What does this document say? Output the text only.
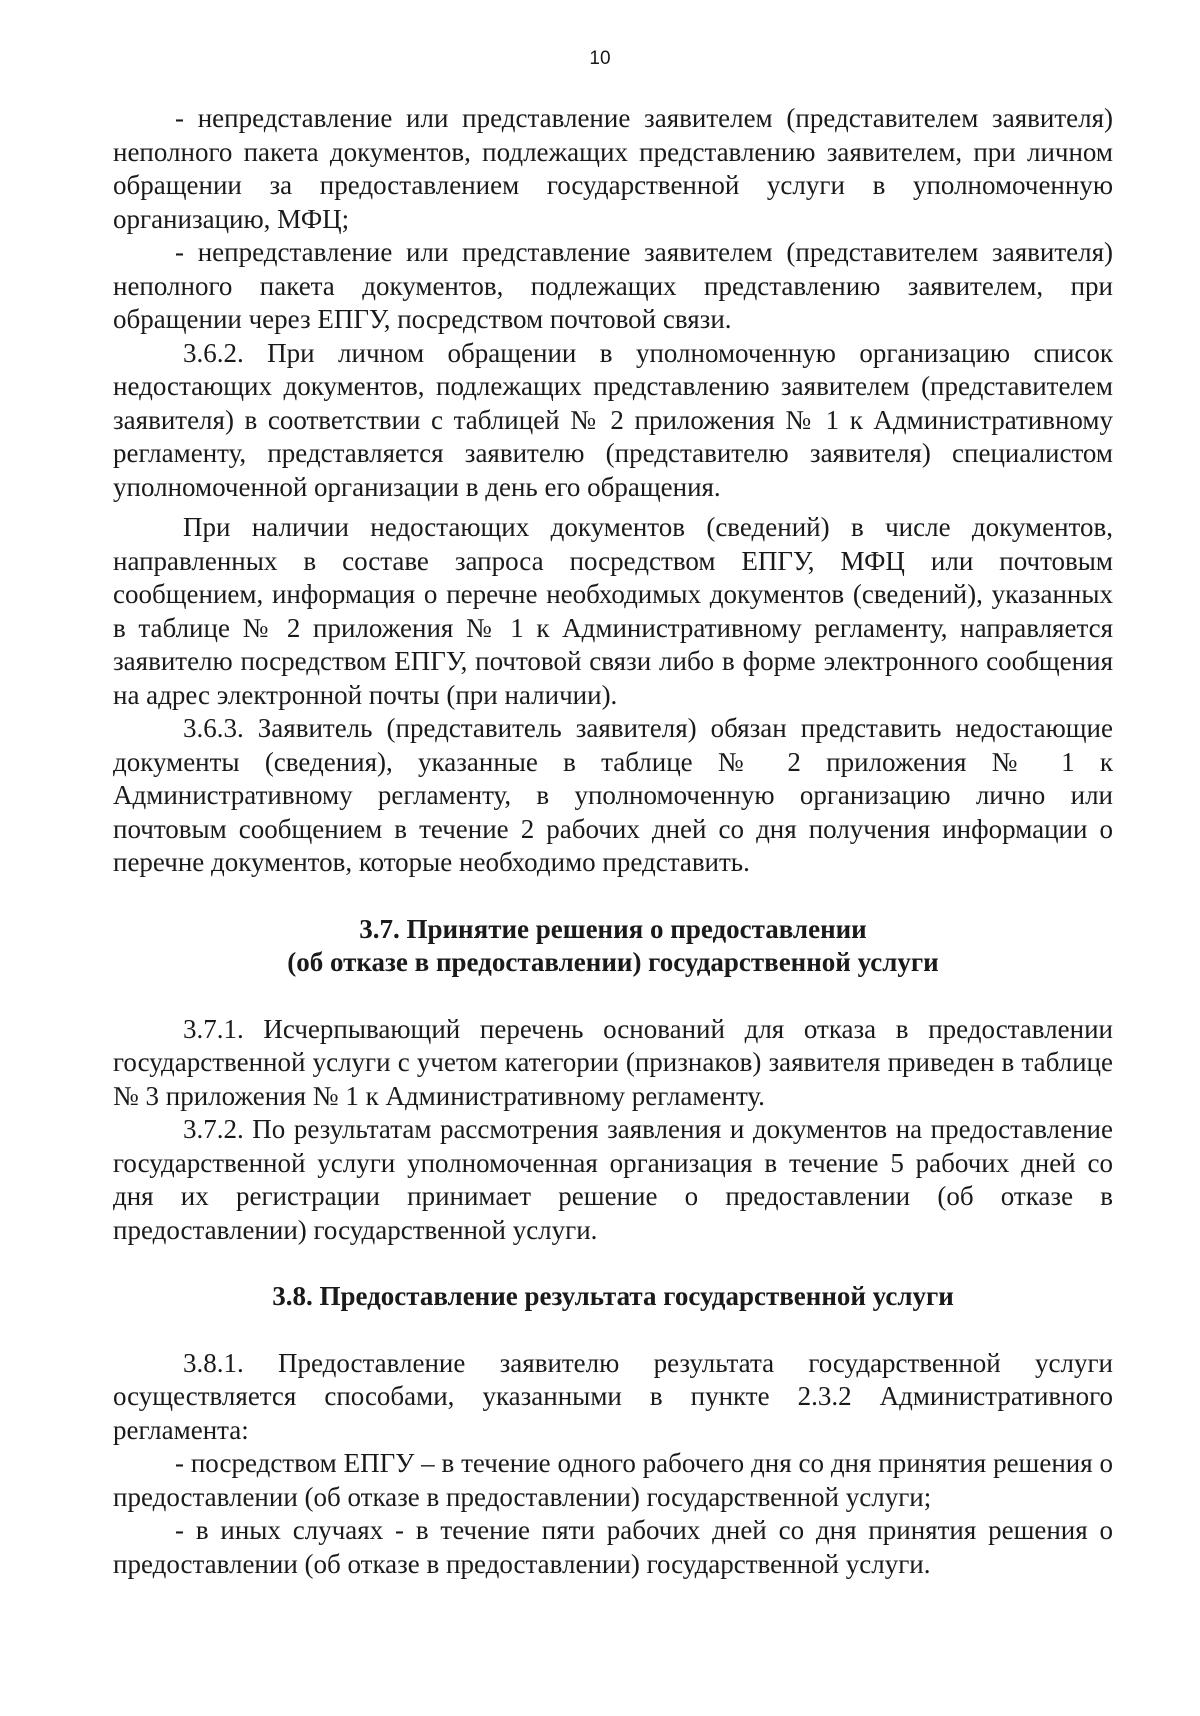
10

- непредставление или представление заявителем (представителем заявителя) неполного пакета документов, подлежащих представлению заявителем, при личном обращении за предоставлением государственной услуги в уполномоченную организацию, МФЦ;

- непредставление или представление заявителем (представителем заявителя) неполного пакета документов, подлежащих представлению заявителем, при обращении через ЕПГУ, посредством почтовой связи.

3.6.2. При личном обращении в уполномоченную организацию список недостающих документов, подлежащих представлению заявителем (представителем заявителя) в соответствии с таблицей № 2 приложения № 1 к Административному регламенту, представляется заявителю (представителю заявителя) специалистом уполномоченной организации в день его обращения.

При наличии недостающих документов (сведений) в числе документов, направленных в составе запроса посредством ЕПГУ, МФЦ или почтовым сообщением, информация о перечне необходимых документов (сведений), указанных в таблице № 2 приложения № 1 к Административному регламенту, направляется заявителю посредством ЕПГУ, почтовой связи либо в форме электронного сообщения на адрес электронной почты (при наличии).

3.6.3. Заявитель (представитель заявителя) обязан представить недостающие документы (сведения), указанные в таблице № 2 приложения № 1 к Административному регламенту, в уполномоченную организацию лично или почтовым сообщением в течение 2 рабочих дней со дня получения информации о перечне документов, которые необходимо представить.

3.7. Принятие решения о предоставлении
(об отказе в предоставлении) государственной услуги

3.7.1. Исчерпывающий перечень оснований для отказа в предоставлении государственной услуги с учетом категории (признаков) заявителя приведен в таблице № 3 приложения № 1 к Административному регламенту.

3.7.2. По результатам рассмотрения заявления и документов на предоставление государственной услуги уполномоченная организация в течение 5 рабочих дней со дня их регистрации принимает решение о предоставлении (об отказе в предоставлении) государственной услуги.

3.8. Предоставление результата государственной услуги

3.8.1. Предоставление заявителю результата государственной услуги осуществляется способами, указанными в пункте 2.3.2 Административного регламента:

- посредством ЕПГУ – в течение одного рабочего дня со дня принятия решения о предоставлении (об отказе в предоставлении) государственной услуги;

- в иных случаях - в течение пяти рабочих дней со дня принятия решения о предоставлении (об отказе в предоставлении) государственной услуги.
